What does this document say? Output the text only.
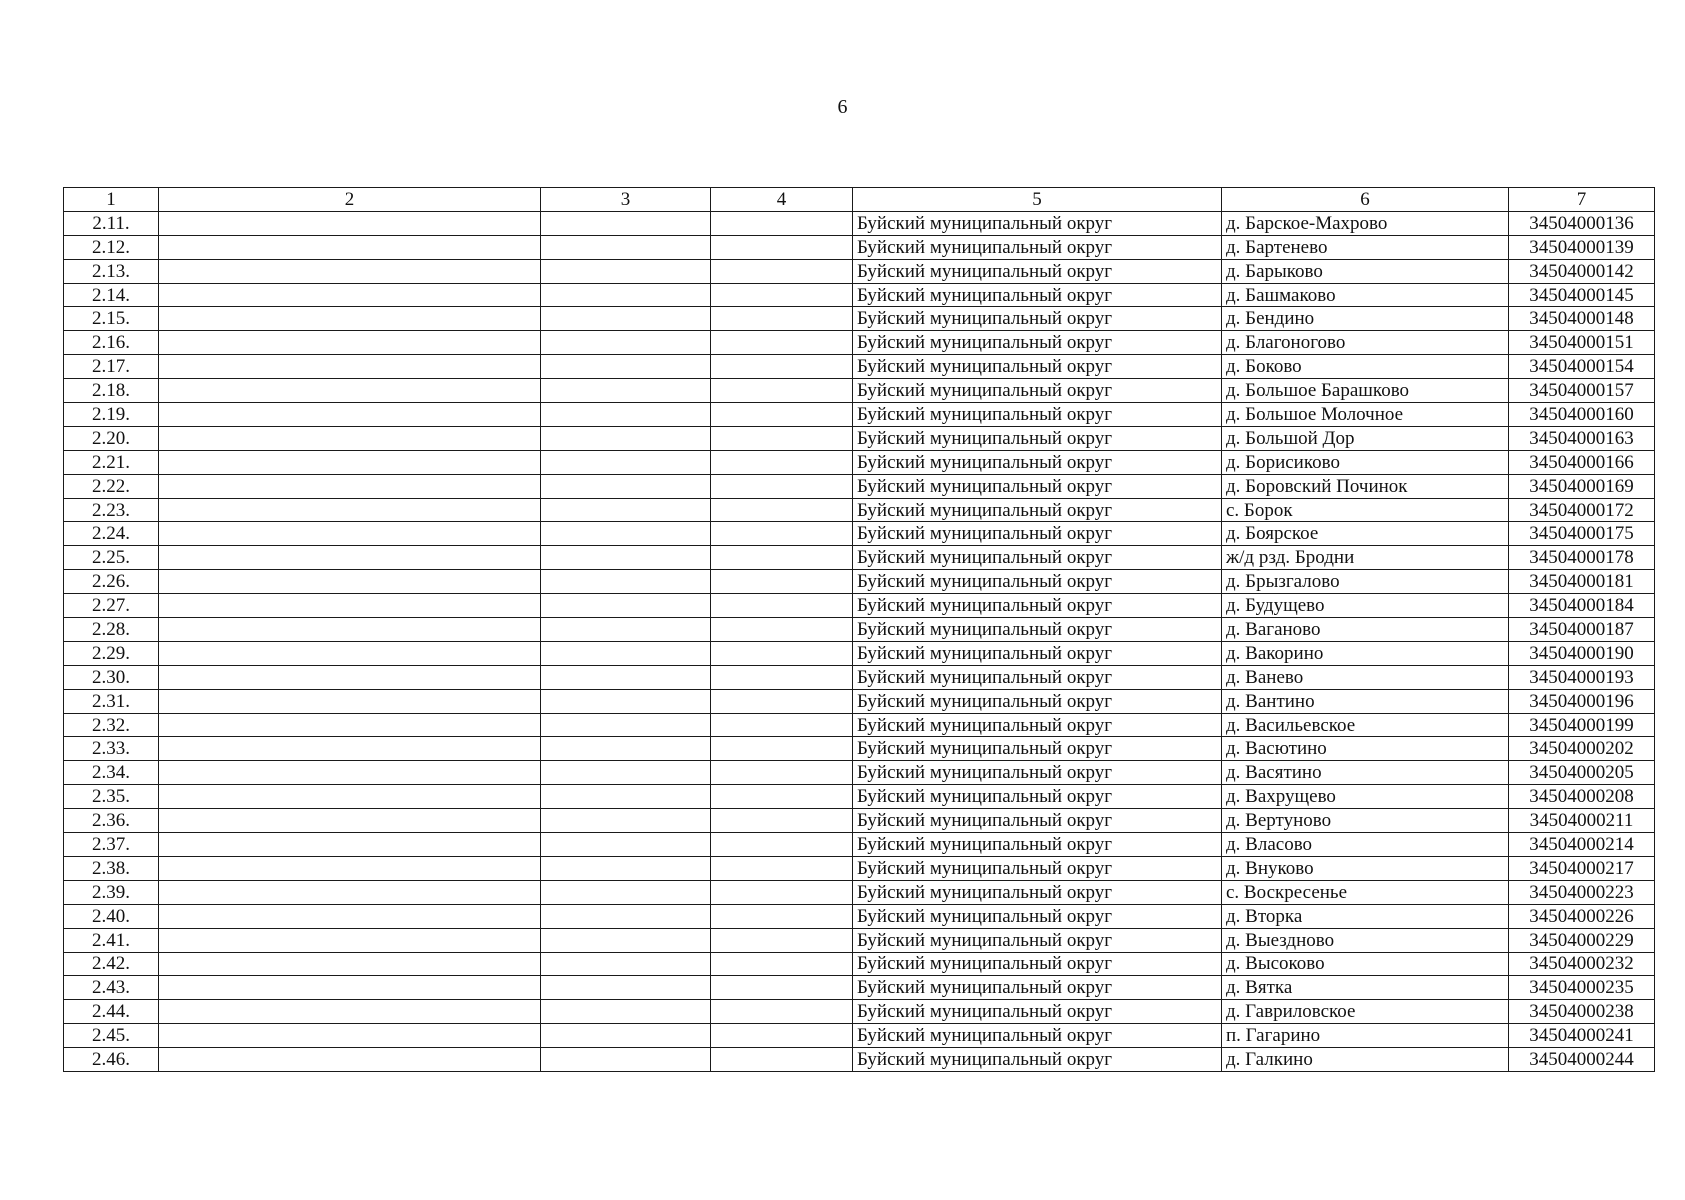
6
1	2	3	4	5	6	7
2.11.				Буйский муниципальный округ	д. Барское-Махрово	34504000136
2.12.				Буйский муниципальный округ	д. Бартенево	34504000139
2.13.				Буйский муниципальный округ	д. Барыково	34504000142
2.14.				Буйский муниципальный округ	д. Башмаково	34504000145
2.15.				Буйский муниципальный округ	д. Бендино	34504000148
2.16.				Буйский муниципальный округ	д. Благоногово	34504000151
2.17.				Буйский муниципальный округ	д. Боково	34504000154
2.18.				Буйский муниципальный округ	д. Большое Барашково	34504000157
2.19.				Буйский муниципальный округ	д. Большое Молочное	34504000160
2.20.				Буйский муниципальный округ	д. Большой Дор	34504000163
2.21.				Буйский муниципальный округ	д. Борисиково	34504000166
2.22.				Буйский муниципальный округ	д. Боровский Починок	34504000169
2.23.				Буйский муниципальный округ	с. Борок	34504000172
2.24.				Буйский муниципальный округ	д. Боярское	34504000175
2.25.				Буйский муниципальный округ	ж/д рзд. Бродни	34504000178
2.26.				Буйский муниципальный округ	д. Брызгалово	34504000181
2.27.				Буйский муниципальный округ	д. Будущево	34504000184
2.28.				Буйский муниципальный округ	д. Ваганово	34504000187
2.29.				Буйский муниципальный округ	д. Вакорино	34504000190
2.30.				Буйский муниципальный округ	д. Ванево	34504000193
2.31.				Буйский муниципальный округ	д. Вантино	34504000196
2.32.				Буйский муниципальный округ	д. Васильевское	34504000199
2.33.				Буйский муниципальный округ	д. Васютино	34504000202
2.34.				Буйский муниципальный округ	д. Васятино	34504000205
2.35.				Буйский муниципальный округ	д. Вахрущево	34504000208
2.36.				Буйский муниципальный округ	д. Вертуново	34504000211
2.37.				Буйский муниципальный округ	д. Власово	34504000214
2.38.				Буйский муниципальный округ	д. Внуково	34504000217
2.39.				Буйский муниципальный округ	с. Воскресенье	34504000223
2.40.				Буйский муниципальный округ	д. Вторка	34504000226
2.41.				Буйский муниципальный округ	д. Выездново	34504000229
2.42.				Буйский муниципальный округ	д. Высоково	34504000232
2.43.				Буйский муниципальный округ	д. Вятка	34504000235
2.44.				Буйский муниципальный округ	д. Гавриловское	34504000238
2.45.				Буйский муниципальный округ	п. Гагарино	34504000241
2.46.				Буйский муниципальный округ	д. Галкино	34504000244
